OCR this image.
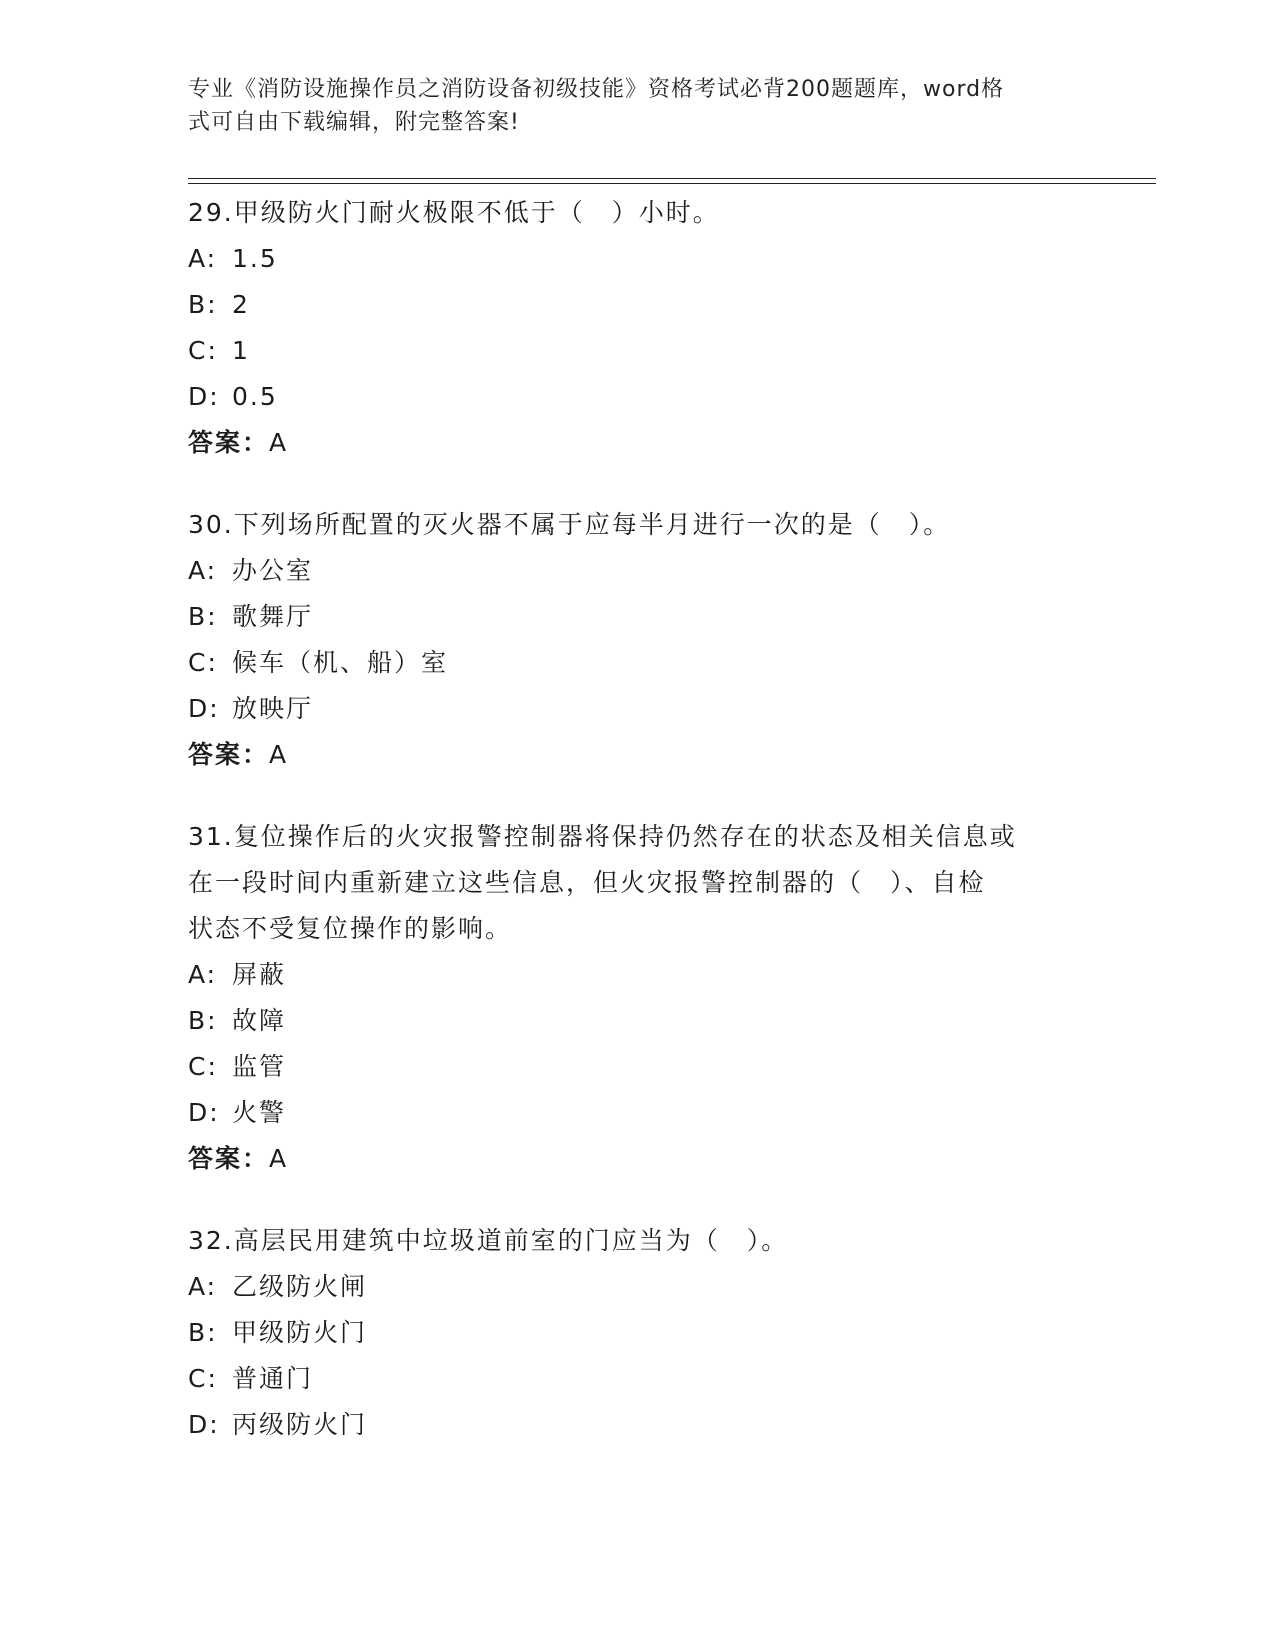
专业《消防设施操作员之消防设备初级技能》资格考试必背200题题库，word格
式可自由下载编辑，附完整答案!

29.甲级防火门耐火极限不低于（　）小时。

A: 1.5

B: 2

C: 1

D: 0.5

答案：A

30.下列场所配置的灭火器不属于应每半月进行一次的是（　）。

A: 办公室

B: 歌舞厅

C: 候车（机、船）室

D: 放映厅

答案：A

31.复位操作后的火灾报警控制器将保持仍然存在的状态及相关信息或

在一段时间内重新建立这些信息，但火灾报警控制器的（　）、自检

状态不受复位操作的影响。

A: 屏蔽

B: 故障

C: 监管

D: 火警

答案：A

32.高层民用建筑中垃圾道前室的门应当为（　）。

A: 乙级防火闸

B: 甲级防火门

C: 普通门

D: 丙级防火门
